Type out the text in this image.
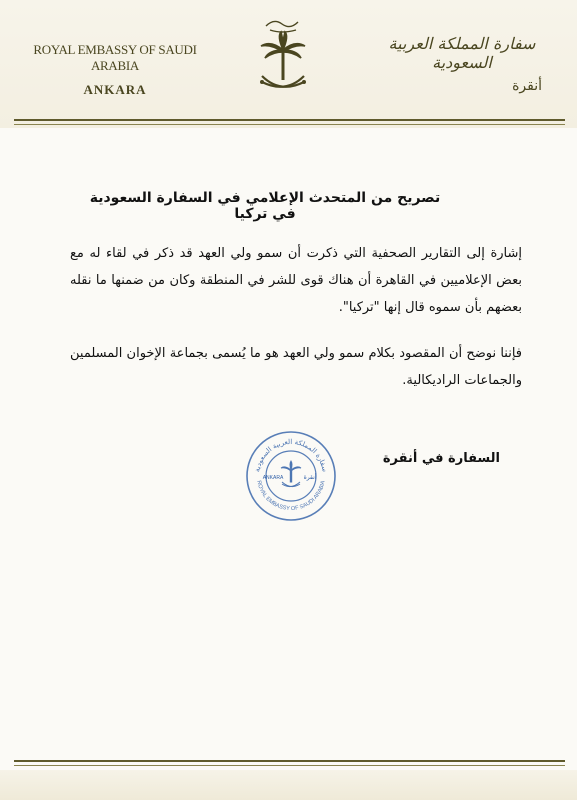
ROYAL EMBASSY OF SAUDI ARABIA
ANKARA
سفارة المملكة العربية السعودية
أنقرة
تصريح من المتحدث الإعلامي في السفارة السعودية في تركيا
إشارة إلى التقارير الصحفية التي ذكرت أن سمو ولي العهد قد ذكر في لقاء له مع بعض الإعلاميين في القاهرة أن هناك قوى للشر في المنطقة وكان من ضمنها ما نقله بعضهم بأن سموه قال إنها "تركيا".
فإننا نوضح أن المقصود بكلام سمو ولي العهد هو ما يُسمى بجماعة الإخوان المسلمين والجماعات الراديكالية.
السفارة في أنقرة
سفارة المملكة العربية السعودية
ROYAL EMBASSY OF SAUDI ARABIA
ANKARA	أنقرة
